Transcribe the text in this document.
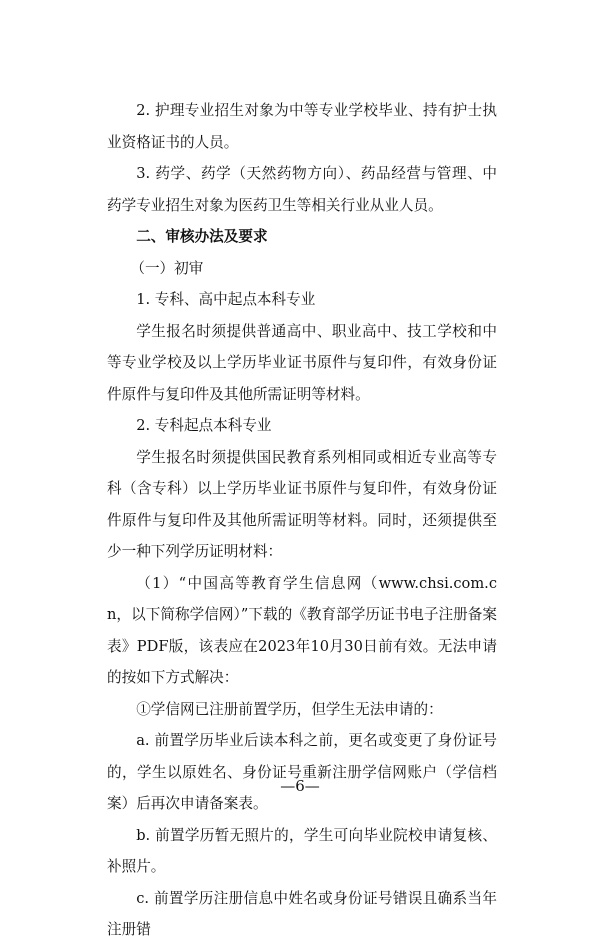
2. 护理专业招生对象为中等专业学校毕业、持有护士执业资格证书的人员。

3. 药学、药学（天然药物方向）、药品经营与管理、中药学专业招生对象为医药卫生等相关行业从业人员。

二、审核办法及要求

（一）初审

1. 专科、高中起点本科专业

学生报名时须提供普通高中、职业高中、技工学校和中等专业学校及以上学历毕业证书原件与复印件，有效身份证件原件与复印件及其他所需证明等材料。

2. 专科起点本科专业

学生报名时须提供国民教育系列相同或相近专业高等专科（含专科）以上学历毕业证书原件与复印件，有效身份证件原件与复印件及其他所需证明等材料。同时，还须提供至少一种下列学历证明材料：

（1）“中国高等教育学生信息网（www.chsi.com.cn，以下简称学信网）”下载的《教育部学历证书电子注册备案表》PDF版，该表应在2023年10月30日前有效。无法申请的按如下方式解决：

①学信网已注册前置学历，但学生无法申请的：

a. 前置学历毕业后读本科之前，更名或变更了身份证号的，学生以原姓名、身份证号重新注册学信网账户（学信档案）后再次申请备案表。

b. 前置学历暂无照片的，学生可向毕业院校申请复核、补照片。

c. 前置学历注册信息中姓名或身份证号错误且确系当年注册错

—6—
